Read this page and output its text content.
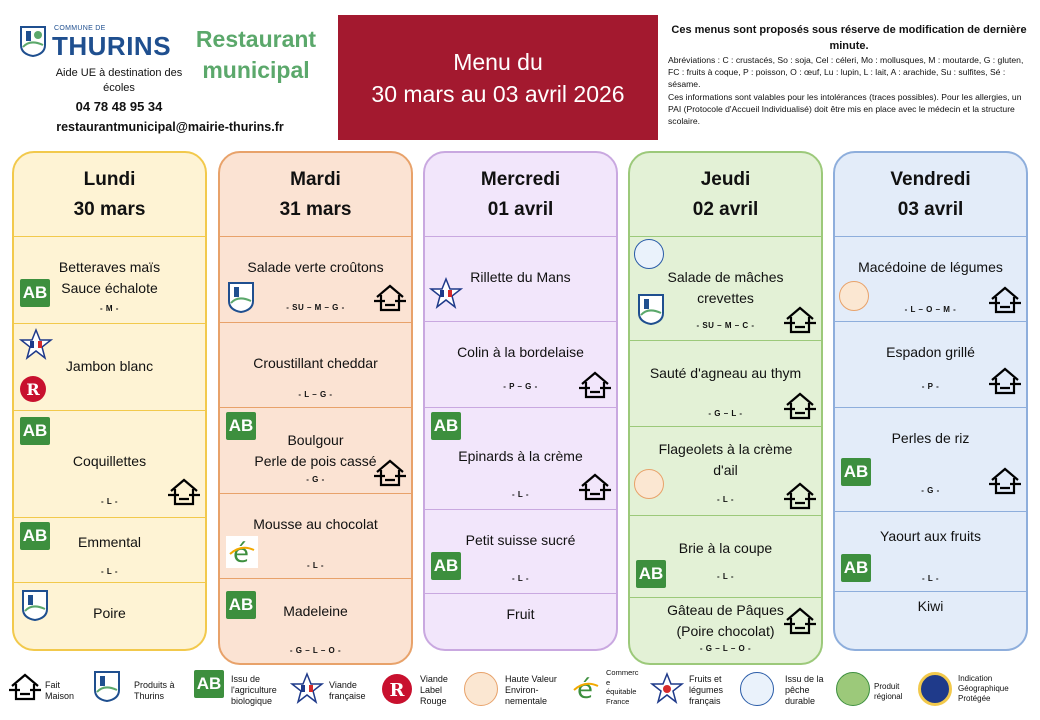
COMMUNE DE
THURINS
Aide UE à destination des écoles
04 78 48 95 34
restaurantmunicipal@mairie-thurins.fr
Restaurant
municipal	Menu du
30 mars au 03 avril 2026
Ces menus sont proposés sous réserve de modification de dernière minute.
Abréviations : C : crustacés, So : soja, Cel : céleri, Mo : mollusques, M : moutarde, G : gluten, FC : fruits à coque, P : poisson, O : œuf, Lu : lupin, L : lait, A : arachide, Su : sulfites, Sé : sésame.
Ces informations sont valables pour les intolérances (traces possibles). Pour les allergies, un PAI (Protocole d'Accueil Individualisé) doit être mis en place avec le médecin et la structure scolaire.
Lundi
30 mars
Betteraves maïs
Sauce échalote
- M -
AB
Jambon blanc
R
Coquillettes
- L -
AB
Emmental
- L -
AB
Poire
Mardi
31 mars
Salade verte croûtons
- SU – M – G -
Croustillant cheddar
- L – G -
Boulgour
Perle de pois cassé
- G -
AB
Mousse au chocolat
- L -
é
Madeleine
- G – L – O -
AB
Mercredi
01 avril
Rillette du Mans
Colin à la bordelaise
- P – G -
Epinards à la crème
- L -
AB
Petit suisse sucré
- L -
AB
Fruit
Jeudi
02 avril
Salade de mâches
crevettes
- SU – M – C -
Sauté d'agneau au thym
- G – L -
Flageolets à la crème
d'ail
- L -
Brie à la coupe
- L -
AB
Gâteau de Pâques
(Poire chocolat)
- G – L – O -
Vendredi
03 avril
Macédoine de légumes
- L – O – M -
Espadon grillé
- P -
Perles de riz
- G -
AB
Yaourt aux fruits
- L -
AB
Kiwi
Fait
Maison
Produits à
Thurins
AB Issu de
l'agriculture
biologique
Viande
française R
Viande
Label
Rouge
Haute Valeur
Environ-
nementale	é
Commerc
e
équitable
France
Fruits et
légumes
français
Issu de la
pêche
durable
Produit
régional
Indication
Géographique
Protégée
